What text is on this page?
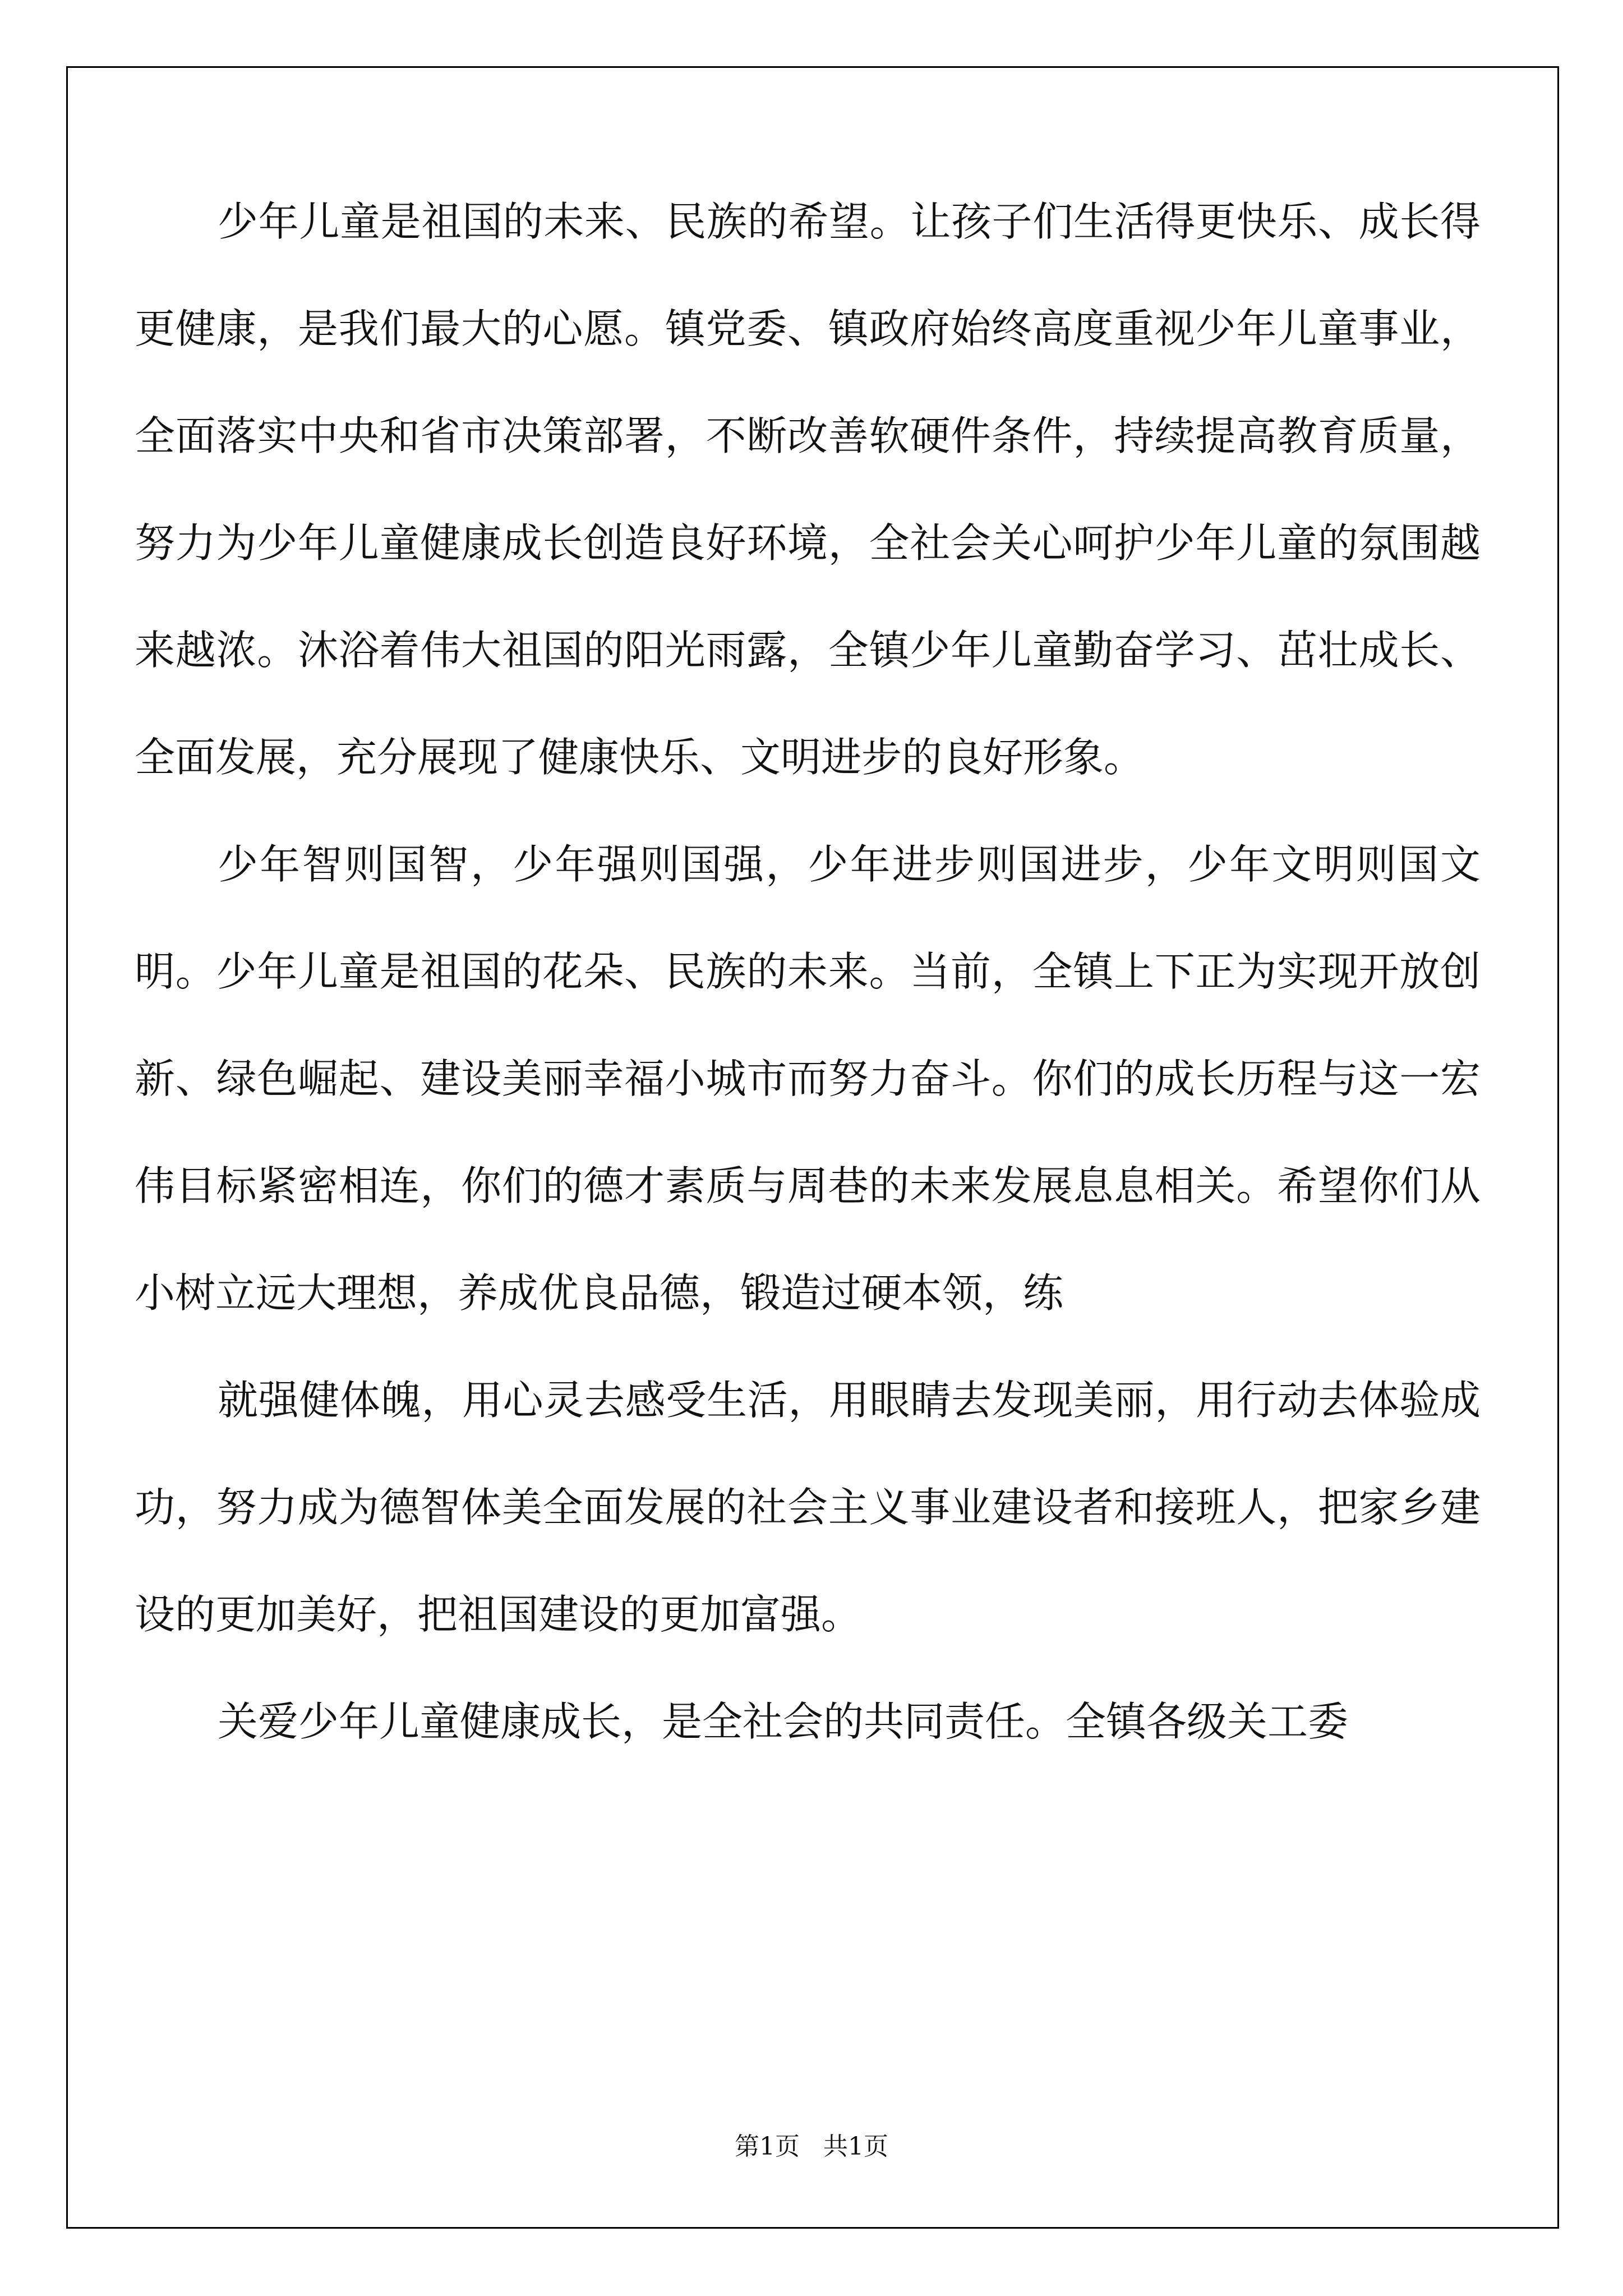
少年儿童是祖国的未来、民族的希望。让孩子们生活得更快乐、成长得更健康，是我们最大的心愿。镇党委、镇政府始终高度重视少年儿童事业，全面落实中央和省市决策部署，不断改善软硬件条件，持续提高教育质量，努力为少年儿童健康成长创造良好环境，全社会关心呵护少年儿童的氛围越来越浓。沐浴着伟大祖国的阳光雨露，全镇少年儿童勤奋学习、茁壮成长、全面发展，充分展现了健康快乐、文明进步的良好形象。

少年智则国智，少年强则国强，少年进步则国进步，少年文明则国文明。少年儿童是祖国的花朵、民族的未来。当前，全镇上下正为实现开放创新、绿色崛起、建设美丽幸福小城市而努力奋斗。你们的成长历程与这一宏伟目标紧密相连，你们的德才素质与周巷的未来发展息息相关。希望你们从小树立远大理想，养成优良品德，锻造过硬本领，练

就强健体魄，用心灵去感受生活，用眼睛去发现美丽，用行动去体验成功，努力成为德智体美全面发展的社会主义事业建设者和接班人，把家乡建设的更加美好，把祖国建设的更加富强。

关爱少年儿童健康成长，是全社会的共同责任。全镇各级关工委

第1页   共1页
